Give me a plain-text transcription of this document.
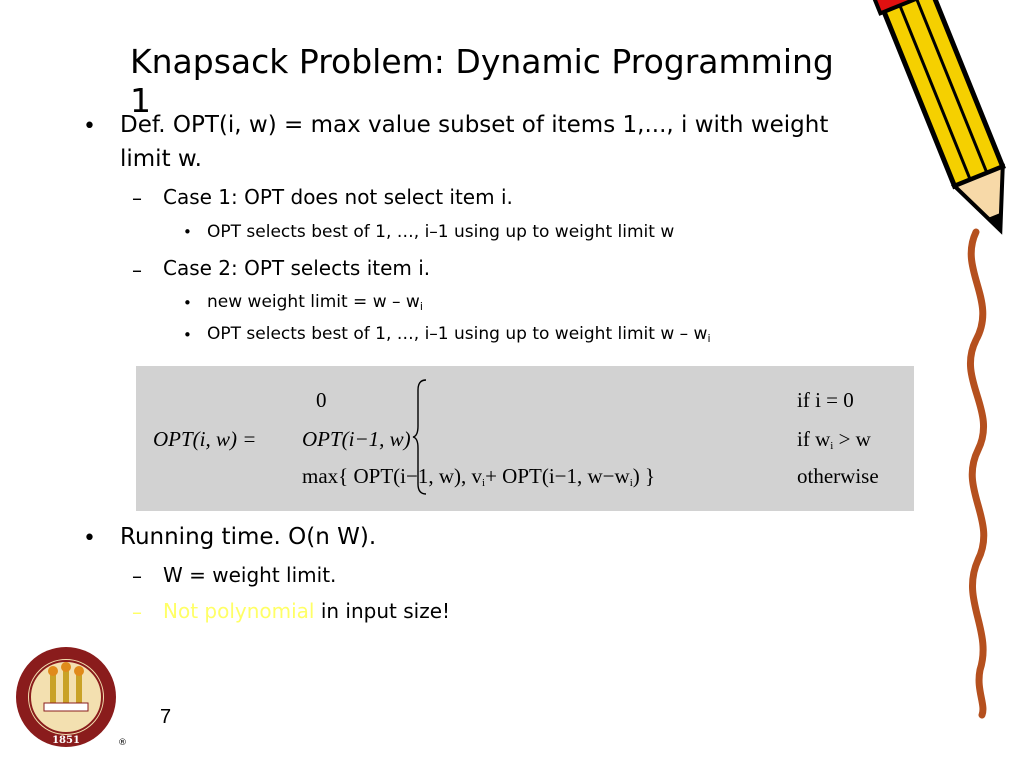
Knapsack Problem: Dynamic Programming 1
• Def. OPT(i, w) = max value subset of items 1,..., i with weight
limit w.
– Case 1: OPT does not select item i.
• OPT selects best of 1, …, i–1 using up to weight limit w
– Case 2: OPT selects item i.
• new weight limit = w – $w_i$
• OPT selects best of 1, …, i–1 using up to weight limit w – $w_i$
OPT(i, w) =
0
OPT(i−1, w)
max{ OPT(i−1, w), $v_i+ OPT(i-1$, $w-w_i$) }
if i = 0
if $w_i > w$
otherwise
• Running time. O(n W).
– W = weight limit.
– Not polynomial in input size!
1851	®
7
